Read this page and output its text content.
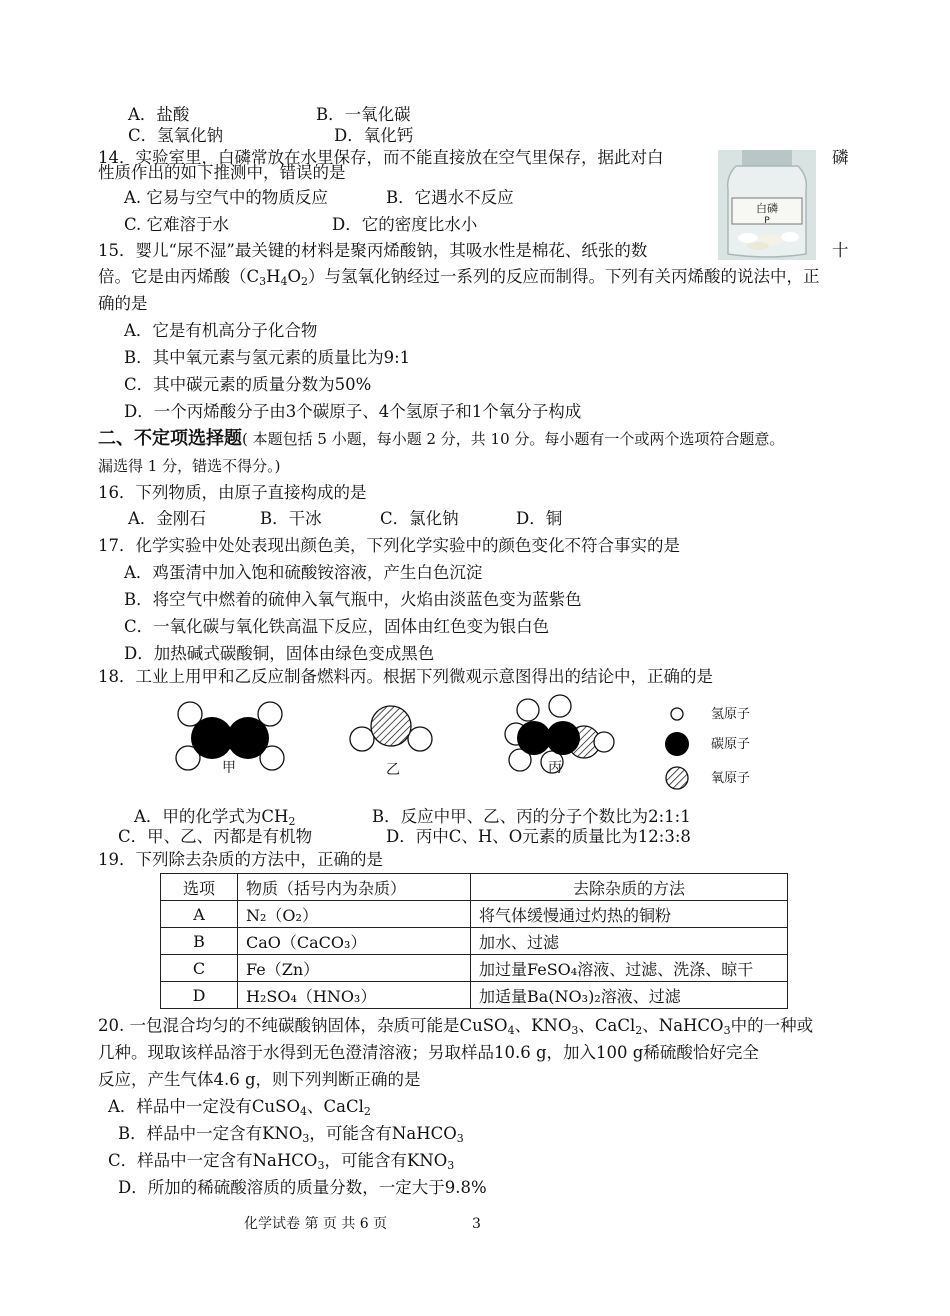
A．盐酸	B．一氧化碳
C．氢氧化钠	D．氧化钙
14．实验室里，白磷常放在水里保存，而不能直接放在空气里保存，据此对白	磷
性质作出的如下推测中，错误的是
A. 它易与空气中的物质反应	B．它遇水不反应
C. 它难溶于水	D．它的密度比水小
白磷
P
15．婴儿“尿不湿”最关键的材料是聚丙烯酸钠，其吸水性是棉花、纸张的数	十
倍。它是由丙烯酸$(C_3H_4O_2)$与氢氧化钠经过一系列的反应而制得。下列有关丙烯酸的说法中，正
确的是
A．它是有机高分子化合物
B．其中氧元素与氢元素的质量比为9:1
C．其中碳元素的质量分数为50%
D．一个丙烯酸分子由3个碳原子、4个氢原子和1个氧分子构成
二、不定项选择题( 本题包括 5 小题，每小题 2 分，共 10 分。每小题有一个或两个选项符合题意。
漏选得 1 分，错选不得分。)
16．下列物质，由原子直接构成的是
A．金刚石	B．干冰	C．氯化钠	D．铜
17．化学实验中处处表现出颜色美，下列化学实验中的颜色变化不符合事实的是
A．鸡蛋清中加入饱和硫酸铵溶液，产生白色沉淀
B．将空气中燃着的硫伸入氧气瓶中，火焰由淡蓝色变为蓝紫色
C．一氧化碳与氧化铁高温下反应，固体由红色变为银白色
D．加热碱式碳酸铜，固体由绿色变成黑色
18．工业上用甲和乙反应制备燃料丙。根据下列微观示意图得出的结论中，正确的是
甲	乙	丙
氢原子
碳原子
氧原子
A．甲的化学式为$CH_2$	B．反应中甲、乙、丙的分子个数比为2:1:1
C．甲、乙、丙都是有机物	D．丙中C、H、O元素的质量比为12:3:8
19．下列除去杂质的方法中，正确的是
选项	物质（括号内为杂质）	去除杂质的方法
A	N₂（O₂）	将气体缓慢通过灼热的铜粉
B	CaO（CaCO₃）	加水、过滤
C	Fe（Zn）	加过量FeSO₄溶液、过滤、洗涤、晾干
D	H₂SO₄（HNO₃）	加适量Ba(NO₃)₂溶液、过滤
20. 一包混合均匀的不纯碳酸钠固体，杂质可能是CuSO$_4$、$KNO_3$、CaCl$_2$、NaHCO$_3$中的一种或
几种。现取该样品溶于水得到无色澄清溶液；另取样品10.6 g，加入100 g稀硫酸恰好完全
反应，产生气体4.6 g，则下列判断正确的是
A．样品中一定没有CuSO$_4$、CaCl$_2$
B．样品中一定含有$KNO_3$，可能含有NaHCO$_3$
C．样品中一定含有NaHCO$_3$，可能含有$KNO_3$
D．所加的稀硫酸溶质的质量分数，一定大于9.8%
化学试卷 第 页 共 6 页	3
